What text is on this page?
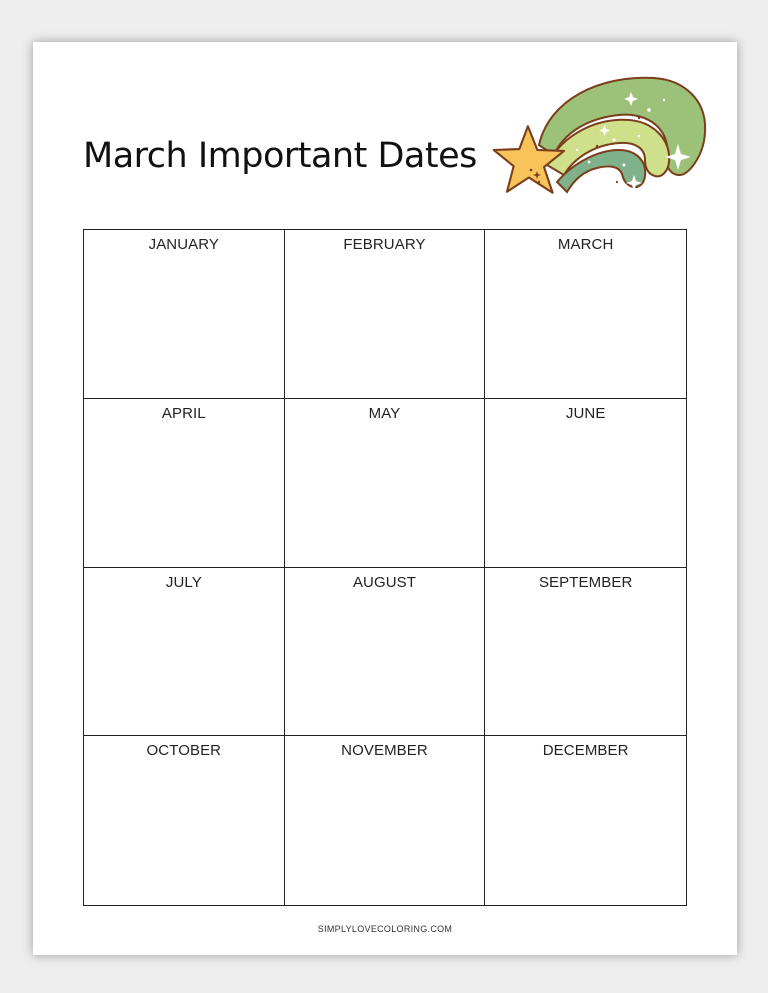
March Important Dates
JANUARY	FEBRUARY	MARCH
APRIL	MAY	JUNE
JULY	AUGUST	SEPTEMBER
OCTOBER	NOVEMBER	DECEMBER
SIMPLYLOVECOLORING.COM
